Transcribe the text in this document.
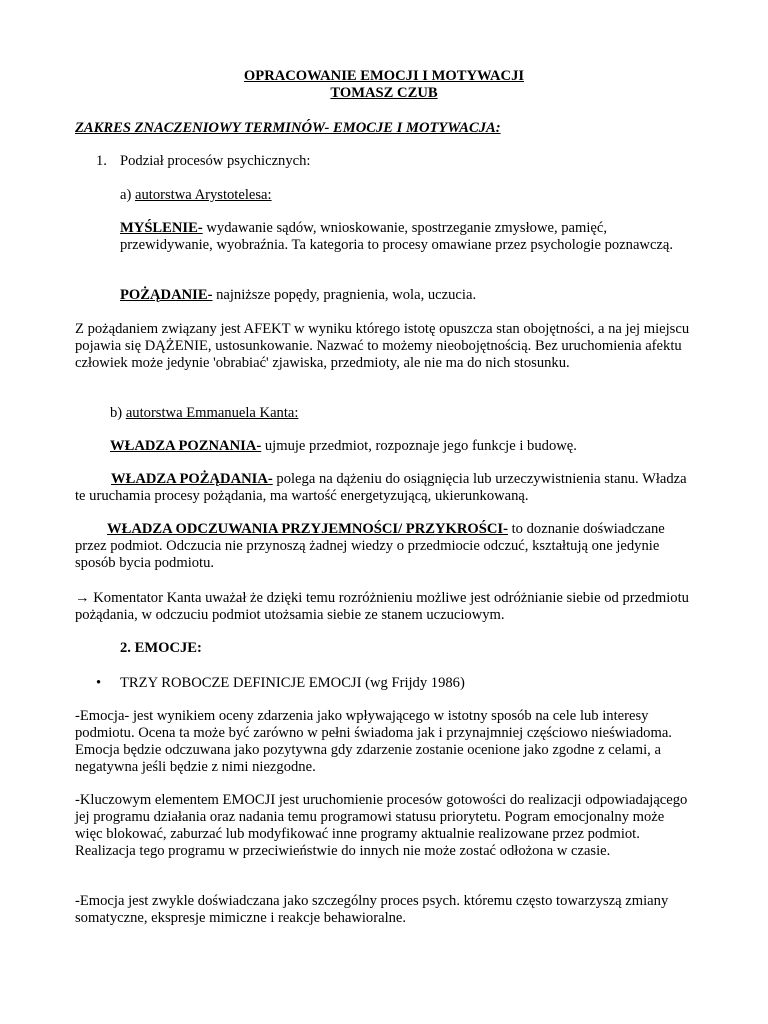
OPRACOWANIE EMOCJI I MOTYWACJI
TOMASZ CZUB

ZAKRES ZNACZENIOWY TERMINÓW- EMOCJE I MOTYWACJA:

1. Podział procesów psychicznych:

a) autorstwa Arystotelesa:

MYŚLENIE- wydawanie sądów, wnioskowanie, spostrzeganie zmysłowe, pamięć, przewidywanie, wyobraźnia. Ta kategoria to procesy omawiane przez psychologie poznawczą.

POŻĄDANIE- najniższe popędy, pragnienia, wola, uczucia.

Z pożądaniem związany jest AFEKT w wyniku którego istotę opuszcza stan obojętności, a na jej miejscu pojawia się DĄŻENIE, ustosunkowanie. Nazwać to możemy nieobojętnością. Bez uruchomienia afektu człowiek może jedynie 'obrabiać' zjawiska, przedmioty, ale nie ma do nich stosunku.

b) autorstwa Emmanuela Kanta:

WŁADZA POZNANIA- ujmuje przedmiot, rozpoznaje jego funkcje i budowę.

WŁADZA POŻĄDANIA- polega na dążeniu do osiągnięcia lub urzeczywistnienia stanu. Władza te uruchamia procesy pożądania, ma wartość energetyzującą, ukierunkowaną.

WŁADZA ODCZUWANIA PRZYJEMNOŚCI/ PRZYKROŚCI- to doznanie doświadczane przez podmiot. Odczucia nie przynoszą żadnej wiedzy o przedmiocie odczuć, kształtują one jedynie sposób bycia podmiotu.

→ Komentator Kanta uważał że dzięki temu rozróżnieniu możliwe jest odróżnianie siebie od przedmiotu pożądania, w odczuciu podmiot utożsamia siebie ze stanem uczuciowym.

2. EMOCJE:

• TRZY ROBOCZE DEFINICJE EMOCJI (wg Frijdy 1986)

-Emocja- jest wynikiem oceny zdarzenia jako wpływającego w istotny sposób na cele lub interesy podmiotu. Ocena ta może być zarówno w pełni świadoma jak i przynajmniej częściowo nieświadoma. Emocja będzie odczuwana jako pozytywna gdy zdarzenie zostanie ocenione jako zgodne z celami, a negatywna jeśli będzie z nimi niezgodne.

-Kluczowym elementem EMOCJI jest uruchomienie procesów gotowości do realizacji odpowiadającego jej programu działania oraz nadania temu programowi statusu priorytetu. Pogram emocjonalny może więc blokować, zaburzać lub modyfikować inne programy aktualnie realizowane przez podmiot. Realizacja tego programu w przeciwieństwie do innych nie może zostać odłożona w czasie.

-Emocja jest zwykle doświadczana jako szczególny proces psych. któremu często towarzyszą zmiany somatyczne, ekspresje mimiczne i reakcje behawioralne.
